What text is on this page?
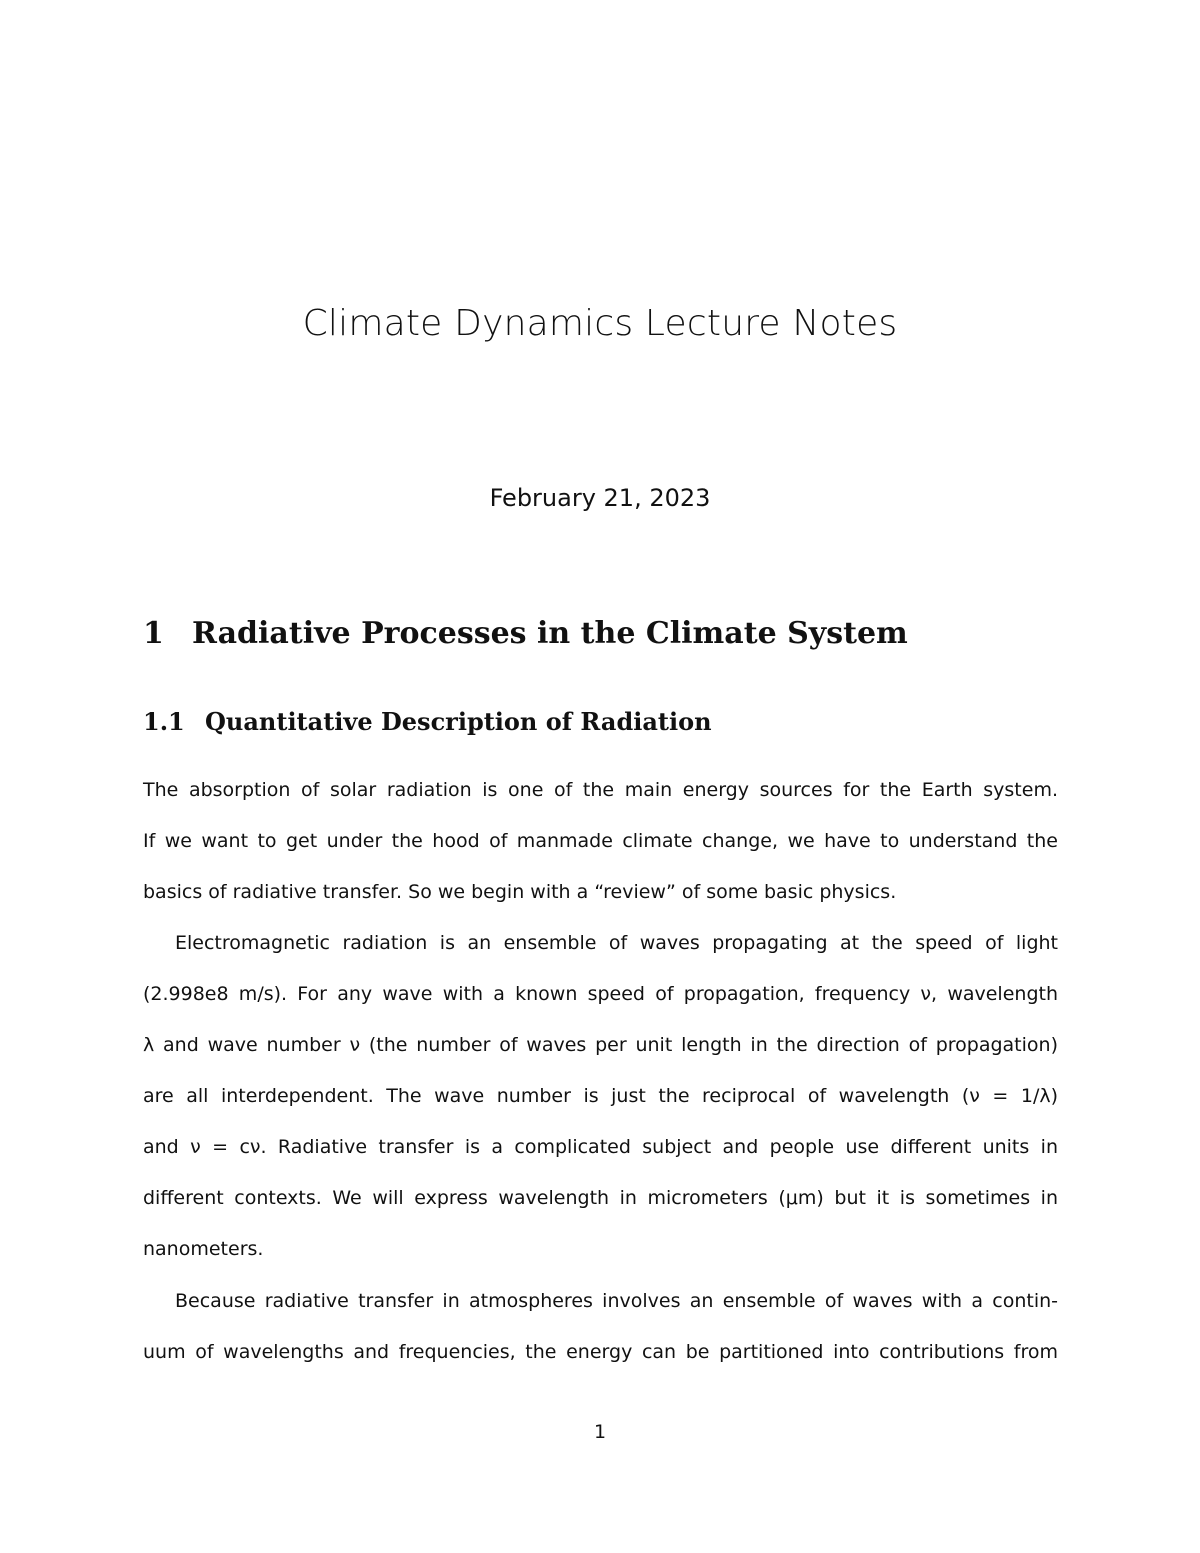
Climate Dynamics Lecture Notes
February 21, 2023
1 Radiative Processes in the Climate System
1.1 Quantitative Description of Radiation
The absorption of solar radiation is one of the main energy sources for the Earth system.
If we want to get under the hood of manmade climate change, we have to understand the
basics of radiative transfer. So we begin with a “review” of some basic physics.
Electromagnetic radiation is an ensemble of waves propagating at the speed of light
(2.998e8 m/s). For any wave with a known speed of propagation, frequency ν, wavelength
λ and wave number ν (the number of waves per unit length in the direction of propagation)
are all interdependent. The wave number is just the reciprocal of wavelength (ν = 1/λ)
and ν = cν. Radiative transfer is a complicated subject and people use different units in
different contexts. We will express wavelength in micrometers (μm) but it is sometimes in
nanometers.
Because radiative transfer in atmospheres involves an ensemble of waves with a contin-
uum of wavelengths and frequencies, the energy can be partitioned into contributions from
1
